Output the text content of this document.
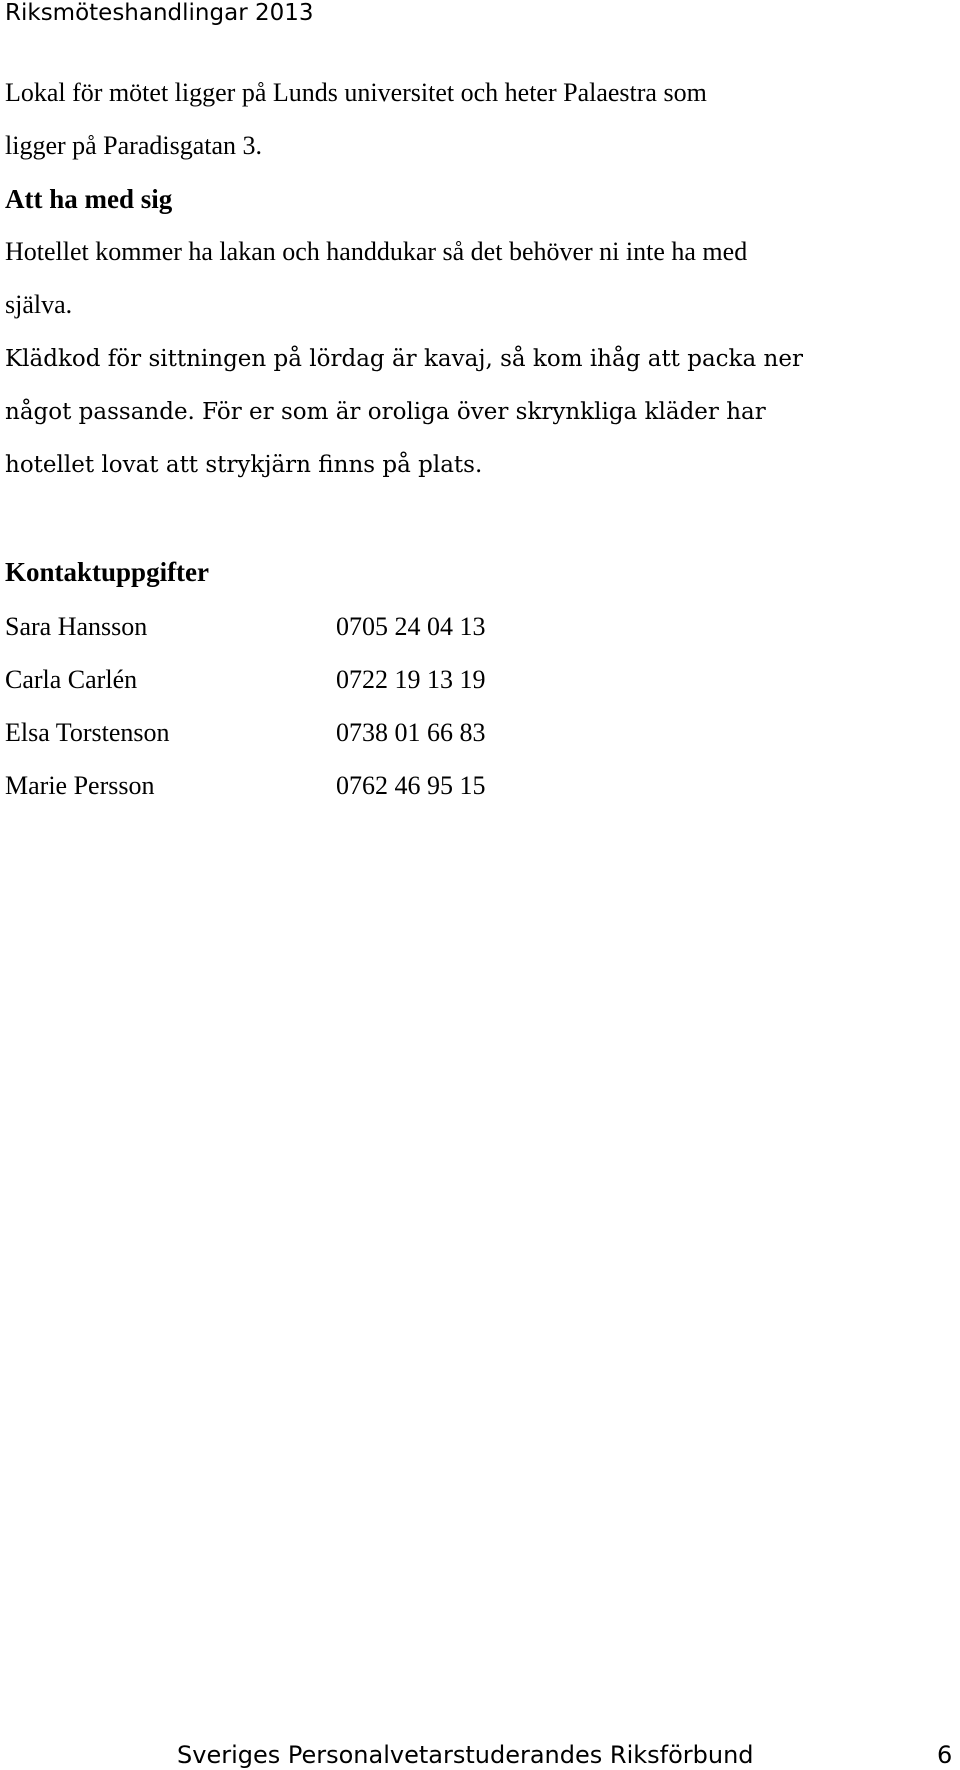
Riksmöteshandlingar 2013
Lokal för mötet ligger på Lunds universitet och heter Palaestra som
ligger på Paradisgatan 3.
Att ha med sig
Hotellet kommer ha lakan och handdukar så det behöver ni inte ha med
själva.
Klädkod för sittningen på lördag är kavaj, så kom ihåg att packa ner
något passande. För er som är oroliga över skrynkliga kläder har
hotellet lovat att strykjärn finns på plats.
Kontaktuppgifter
Sara Hansson	0705 24 04 13
Carla Carlén	0722 19 13 19
Elsa Torstenson	0738 01 66 83
Marie Persson	0762 46 95 15
Sveriges Personalvetarstuderandes Riksförbund	6
